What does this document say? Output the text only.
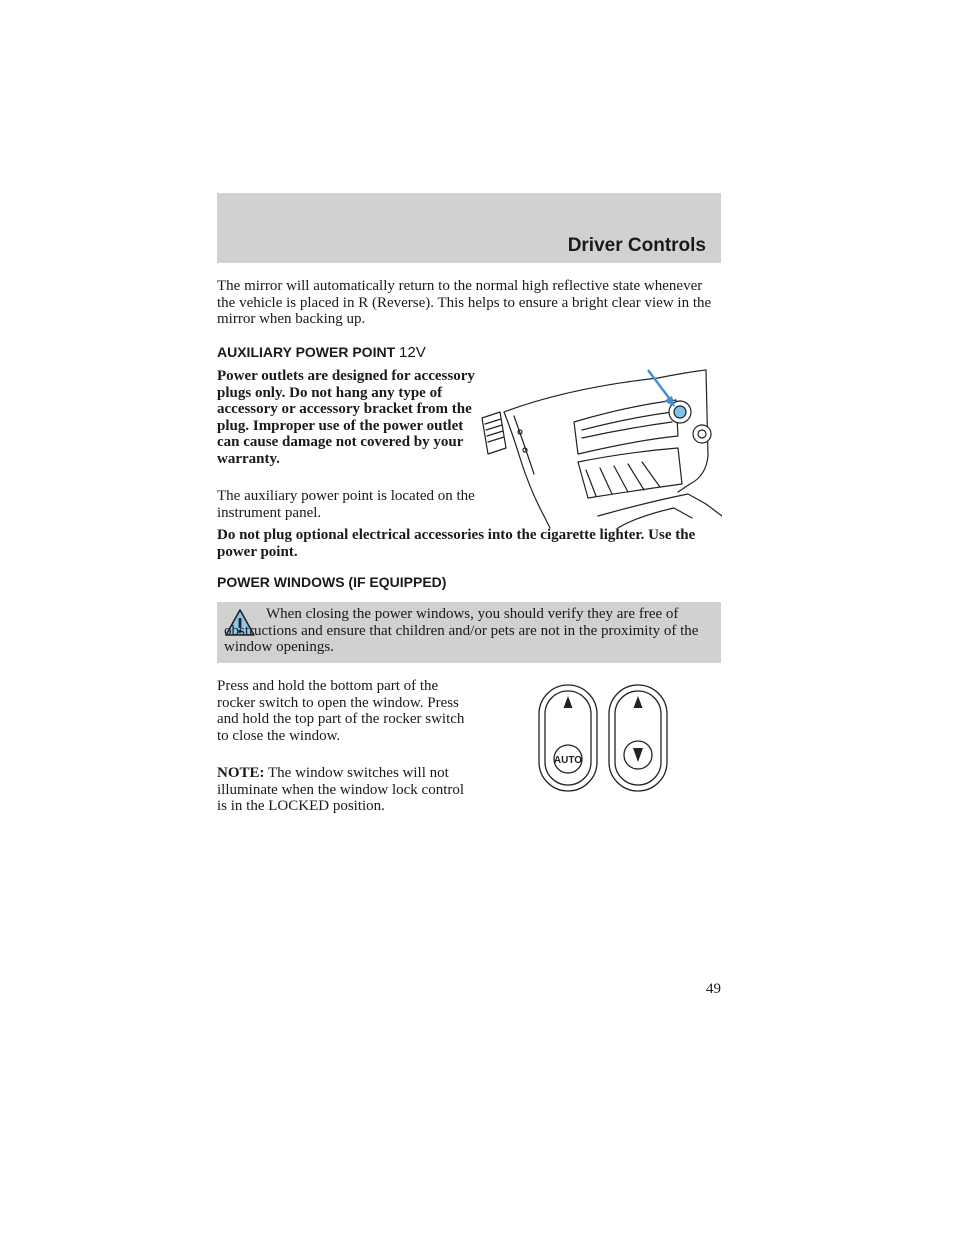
Driver Controls

The mirror will automatically return to the normal high reflective state whenever the vehicle is placed in R (Reverse). This helps to ensure a bright clear view in the mirror when backing up.

AUXILIARY POWER POINT 12V

Power outlets are designed for accessory plugs only. Do not hang any type of accessory or accessory bracket from the plug. Improper use of the power outlet can cause damage not covered by your warranty.

The auxiliary power point is located on the instrument panel.

Do not plug optional electrical accessories into the cigarette lighter. Use the power point.

POWER WINDOWS (IF EQUIPPED)

When closing the power windows, you should verify they are free of obstructions and ensure that children and/or pets are not in the proximity of the window openings.

Press and hold the bottom part of the rocker switch to open the window. Press and hold the top part of the rocker switch to close the window.

NOTE: The window switches will not illuminate when the window lock control is in the LOCKED position.

AUTO
49
